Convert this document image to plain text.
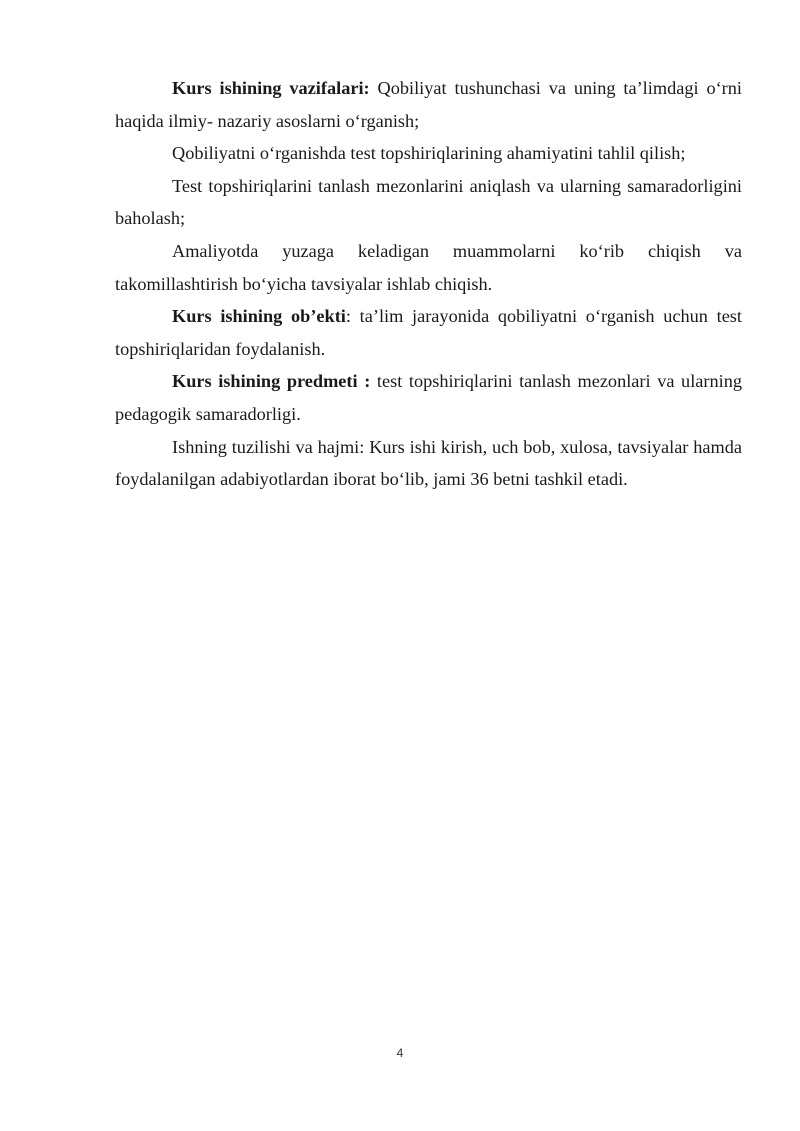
Kurs ishining vazifalari: Qobiliyat tushunchasi va uning ta’limdagi o‘rni haqida ilmiy- nazariy asoslarni o‘rganish;

Qobiliyatni o‘rganishda test topshiriqlarining ahamiyatini tahlil qilish;

Test topshiriqlarini tanlash mezonlarini aniqlash va ularning samaradorligini baholash;

Amaliyotda yuzaga keladigan muammolarni ko‘rib chiqish va takomillashtirish bo‘yicha tavsiyalar ishlab chiqish.

Kurs ishining ob’ekti: ta’lim jarayonida qobiliyatni o‘rganish uchun test topshiriqlaridan foydalanish.

Kurs ishining predmeti : test topshiriqlarini tanlash mezonlari va ularning pedagogik samaradorligi.

Ishning tuzilishi va hajmi: Kurs ishi kirish, uch bob, xulosa, tavsiyalar hamda foydalanilgan adabiyotlardan iborat bo‘lib, jami 36 betni tashkil etadi.

4
